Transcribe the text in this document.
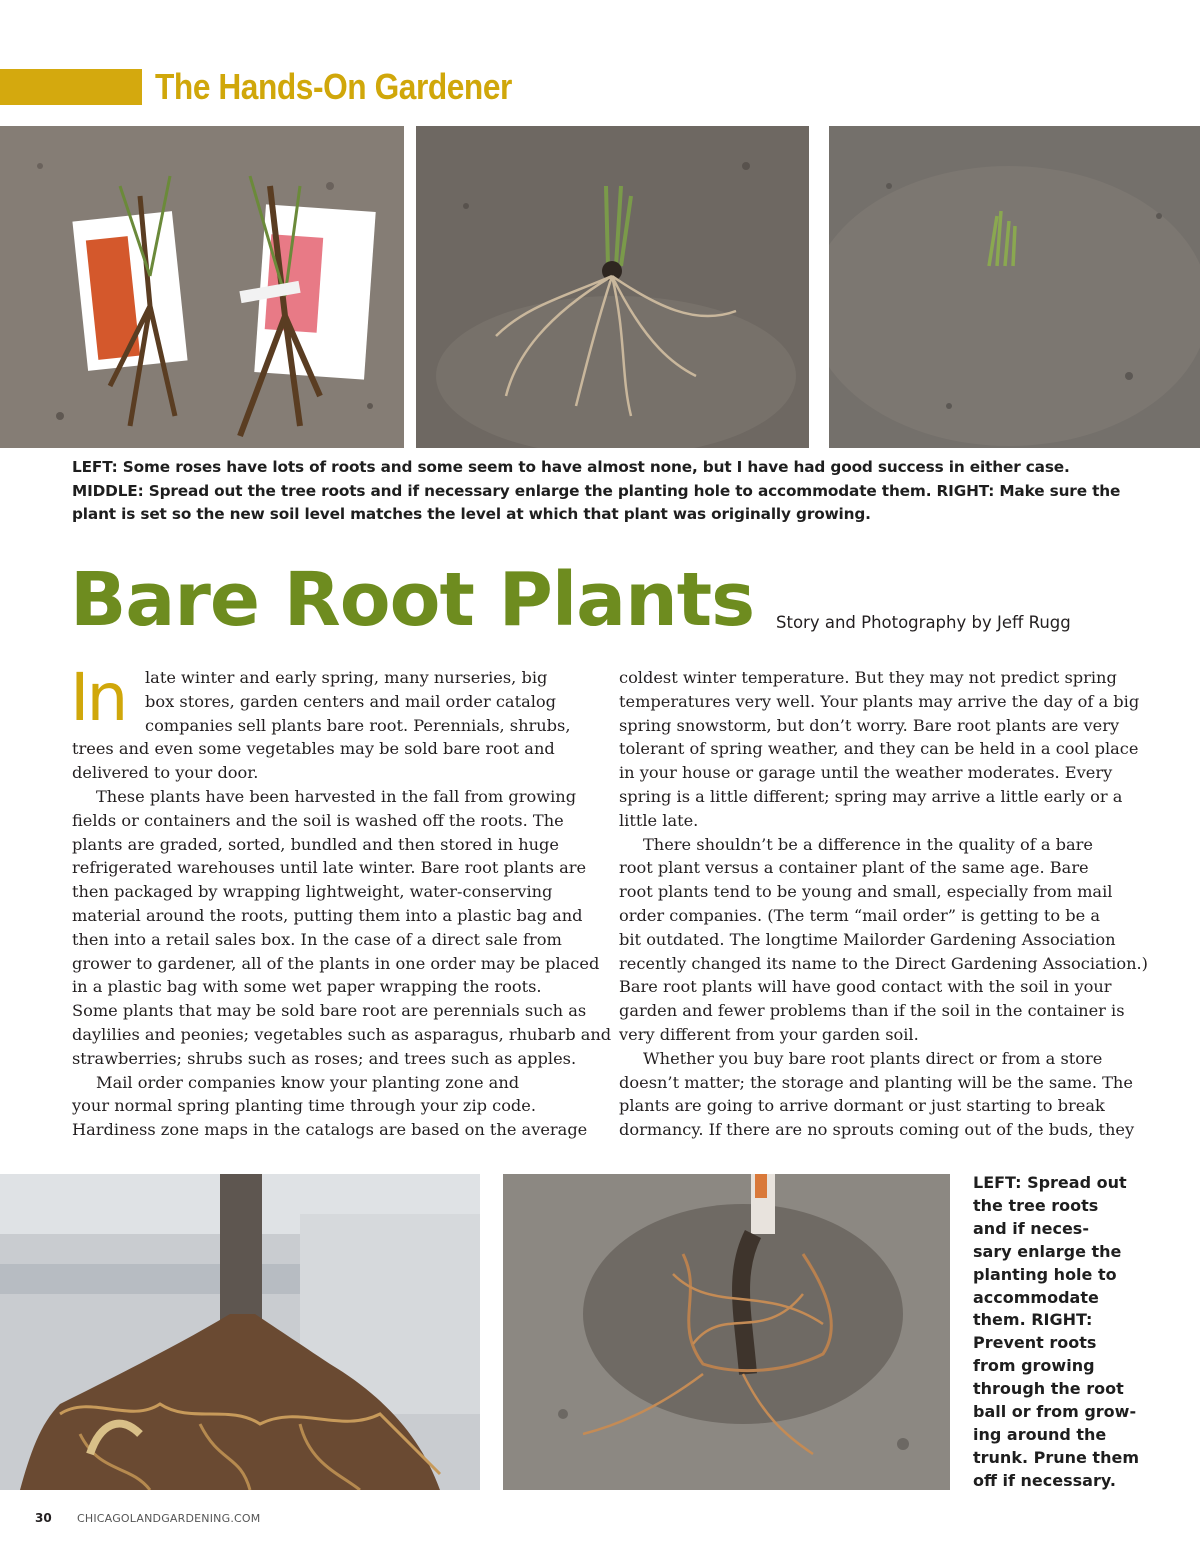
The Hands-On Gardener
LEFT: Some roses have lots of roots and some seem to have almost none, but I have had good success in either case.
MIDDLE: Spread out the tree roots and if necessary enlarge the planting hole to accommodate them. RIGHT: Make sure the
plant is set so the new soil level matches the level at which that plant was originally growing.
Bare Root Plants Story and Photography by Jeff Rugg
In	late winter and early spring, many nurseries, big
box stores, garden centers and mail order catalog
companies sell plants bare root. Perennials, shrubs,
trees and even some vegetables may be sold bare root and
delivered to your door.
These plants have been harvested in the fall from growing
fields or containers and the soil is washed off the roots. The
plants are graded, sorted, bundled and then stored in huge
refrigerated warehouses until late winter. Bare root plants are
then packaged by wrapping lightweight, water-conserving
material around the roots, putting them into a plastic bag and
then into a retail sales box. In the case of a direct sale from
grower to gardener, all of the plants in one order may be placed
in a plastic bag with some wet paper wrapping the roots.
Some plants that may be sold bare root are perennials such as
daylilies and peonies; vegetables such as asparagus, rhubarb and
strawberries; shrubs such as roses; and trees such as apples.
Mail order companies know your planting zone and
your normal spring planting time through your zip code.
Hardiness zone maps in the catalogs are based on the average
coldest winter temperature. But they may not predict spring
temperatures very well. Your plants may arrive the day of a big
spring snowstorm, but don’t worry. Bare root plants are very
tolerant of spring weather, and they can be held in a cool place
in your house or garage until the weather moderates. Every
spring is a little different; spring may arrive a little early or a
little late.
There shouldn’t be a difference in the quality of a bare
root plant versus a container plant of the same age. Bare
root plants tend to be young and small, especially from mail
order companies. (The term “mail order” is getting to be a
bit outdated. The longtime Mailorder Gardening Association
recently changed its name to the Direct Gardening Association.)
Bare root plants will have good contact with the soil in your
garden and fewer problems than if the soil in the container is
very different from your garden soil.
Whether you buy bare root plants direct or from a store
doesn’t matter; the storage and planting will be the same. The
plants are going to arrive dormant or just starting to break
dormancy. If there are no sprouts coming out of the buds, they
LEFT: Spread out
the tree roots
and if neces-
sary enlarge the
planting hole to
accommodate
them. RIGHT:
Prevent roots
from growing
through the root
ball or from grow-
ing around the
trunk. Prune them
off if necessary.
30 CHICAGOLANDGARDENING.COM
